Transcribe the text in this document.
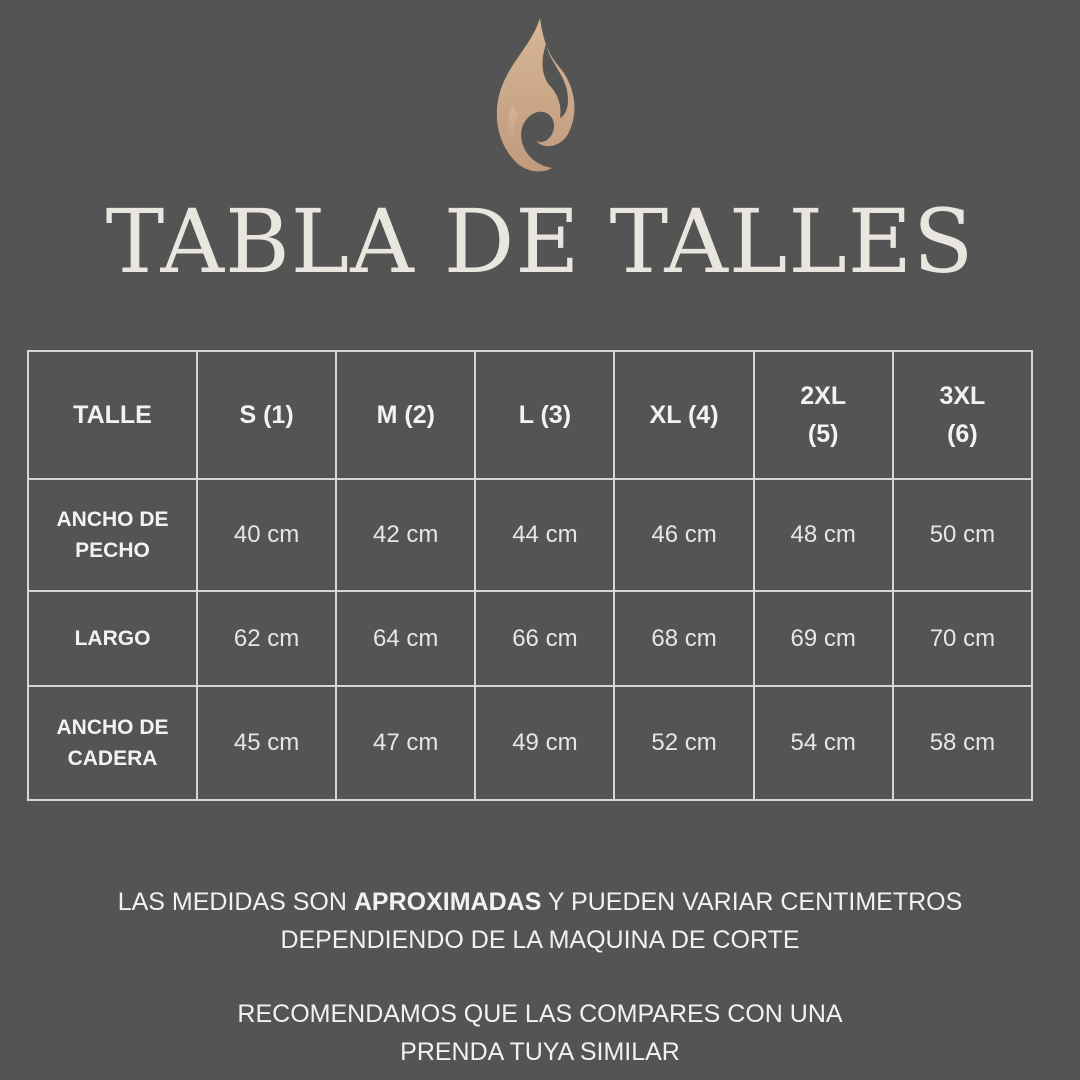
TABLA DE TALLES
TALLE	S (1)	M (2)	L (3)	XL (4)	2XL (5)	3XL (6)
ANCHO DE PECHO	40 cm	42 cm	44 cm	46 cm	48 cm	50 cm
LARGO	62 cm	64 cm	66 cm	68 cm	69 cm	70 cm
ANCHO DE CADERA	45 cm	47 cm	49 cm	52 cm	54 cm	58 cm

LAS MEDIDAS SON APROXIMADAS Y PUEDEN VARIAR CENTIMETROS

DEPENDIENDO DE LA MAQUINA DE CORTE

RECOMENDAMOS QUE LAS COMPARES CON UNA

PRENDA TUYA SIMILAR
